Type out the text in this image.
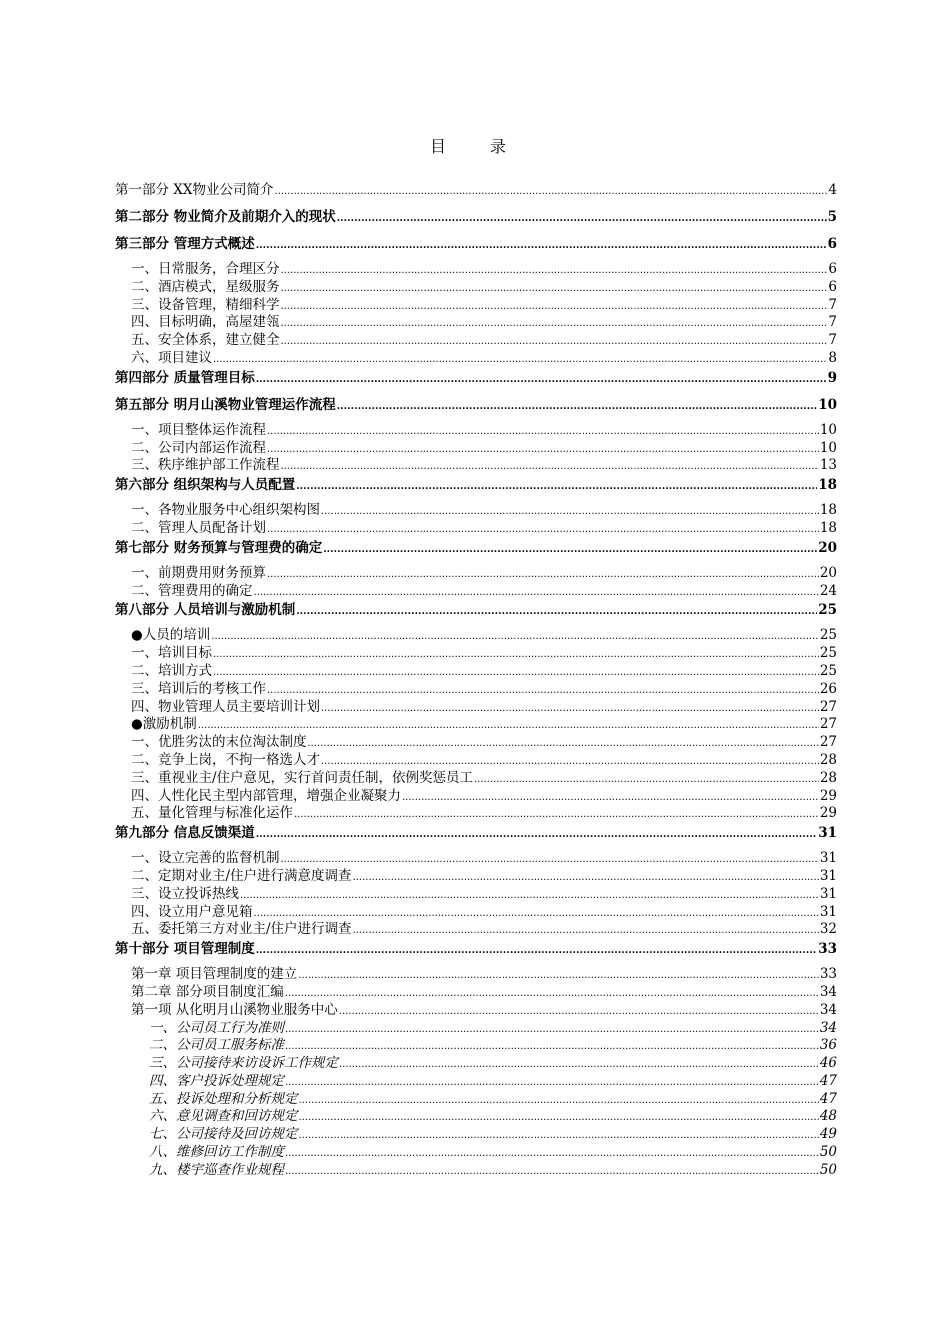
目　录
第一部分 XX物业公司简介 .....	4
第二部分 物业简介及前期介入的现状 .....	5
第三部分 管理方式概述 .....	6
一、日常服务，合理区分 .....	6
二、酒店模式，星级服务 .....	6
三、设备管理，精细科学 .....	7
四、目标明确，高屋建瓴 .....	7
五、安全体系，建立健全 .....	7
六、项目建议 .....	8
第四部分 质量管理目标 .....	9
第五部分 明月山溪物业管理运作流程 .....	10
一、项目整体运作流程 .....	10
二、公司内部运作流程 .....	10
三、秩序维护部工作流程 .....	13
第六部分 组织架构与人员配置 .....	18
一、各物业服务中心组织架构图 .....	18
二、管理人员配备计划 .....	18
第七部分 财务预算与管理费的确定 .....	20
一、前期费用财务预算 .....	20
二、管理费用的确定 .....	24
第八部分 人员培训与激励机制 .....	25
●人员的培训 .....	25
一、培训目标 .....	25
二、培训方式 .....	25
三、培训后的考核工作 .....	26
四、物业管理人员主要培训计划 .....	27
●激励机制 .....	27
一、优胜劣汰的末位淘汰制度 .....	27
二、竞争上岗，不拘一格选人才 .....	28
三、重视业主/住户意见，实行首问责任制，依例奖惩员工 .....	28
四、人性化民主型内部管理，增强企业凝聚力 .....	29
五、量化管理与标准化运作 .....	29
第九部分 信息反馈渠道 .....	31
一、设立完善的监督机制 .....	31
二、定期对业主/住户进行满意度调查 .....	31
三、设立投诉热线 .....	31
四、设立用户意见箱 .....	31
五、委托第三方对业主/住户进行调查 .....	32
第十部分 项目管理制度 .....	33
第一章 项目管理制度的建立 .....	33
第二章 部分项目制度汇编 .....	34
第一项 从化明月山溪物业服务中心 .....	34
一、公司员工行为准则 .....	34
二、公司员工服务标准 .....	36
三、公司接待来访设诉工作规定 .....	46
四、客户投诉处理规定 .....	47
五、投诉处理和分析规定 .....	47
六、意见调查和回访规定 .....	48
七、公司接待及回访规定 .....	49
八、维修回访工作制度 .....	50
九、楼宇巡查作业规程 .....	50
